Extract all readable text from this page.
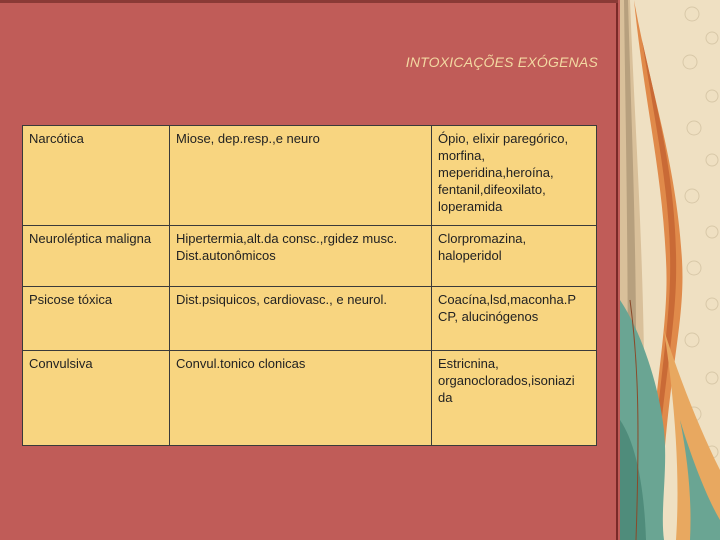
INTOXICAÇÕES EXÓGENAS
Narcótica	Miose, dep.resp.,e neuro	Ópio, elixir paregórico, morfina, meperidina,heroína, fentanil,difeoxilato, loperamida
Neuroléptica maligna	Hipertermia,alt.da consc.,rgidez musc. Dist.autonômicos	Clorpromazina, haloperidol
Psicose tóxica	Dist.psiquicos, cardiovasc., e neurol.	Coacína,lsd,maconha.P CP, alucinógenos
Convulsiva	Convul.tonico clonicas	Estricnina, organoclorados,isoniazi da
